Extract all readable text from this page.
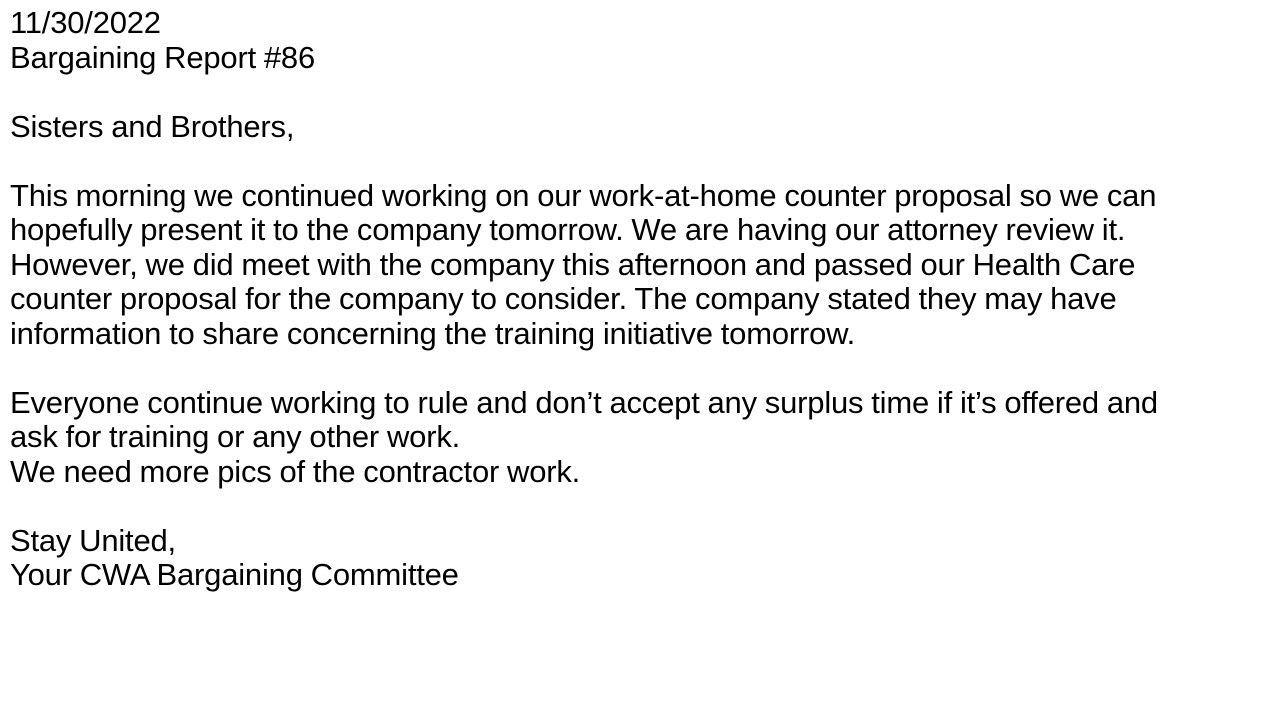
11/30/2022
Bargaining Report #86
Sisters and Brothers,
This morning we continued working on our work-at-home counter proposal so we can
hopefully present it to the company tomorrow. We are having our attorney review it.
However, we did meet with the company this afternoon and passed our Health Care
counter proposal for the company to consider. The company stated they may have
information to share concerning the training initiative tomorrow.
Everyone continue working to rule and don’t accept any surplus time if it’s offered and
ask for training or any other work.
We need more pics of the contractor work.
Stay United,
Your CWA Bargaining Committee
